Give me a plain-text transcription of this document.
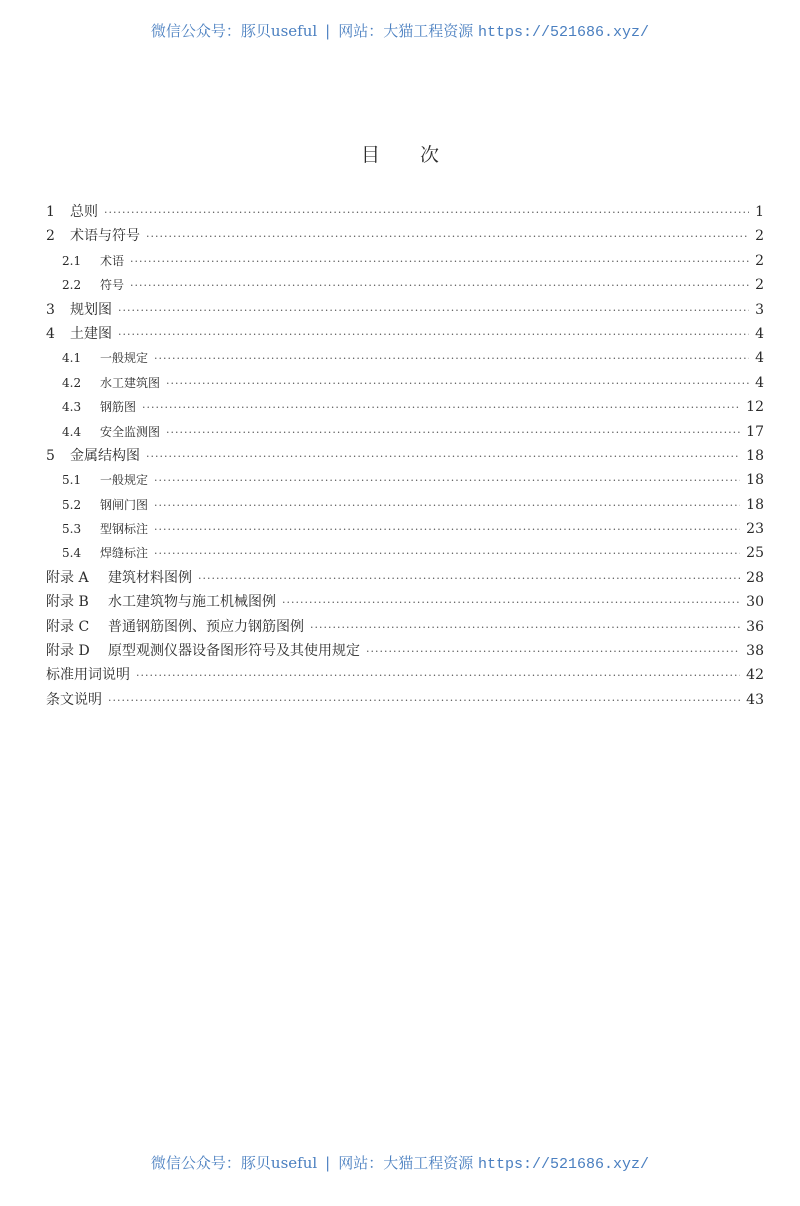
微信公众号：豚贝useful | 网站：大猫工程资源 https://521686.xyz/
目次
1	总则 ·····	1
2	术语与符号 ·····	2
2.1	术语 ·····	2
2.2	符号 ·····	2
3	规划图 ·····	3
4	土建图 ·····	4
4.1	一般规定 ·····	4
4.2	水工建筑图 ·····	4
4.3	钢筋图 ·····	12
4.4	安全监测图 ·····	17
5	金属结构图 ·····	18
5.1	一般规定 ·····	18
5.2	钢闸门图 ·····	18
5.3	型钢标注 ·····	23
5.4	焊缝标注 ·····	25
附录 A	建筑材料图例 ·····	28
附录 B	水工建筑物与施工机械图例 ·····	30
附录 C	普通钢筋图例、预应力钢筋图例 ·····	36
附录 D	原型观测仪器设备图形符号及其使用规定 ·····	38
标准用词说明 ·····	42
条文说明 ·····	43
微信公众号：豚贝useful | 网站：大猫工程资源 https://521686.xyz/
